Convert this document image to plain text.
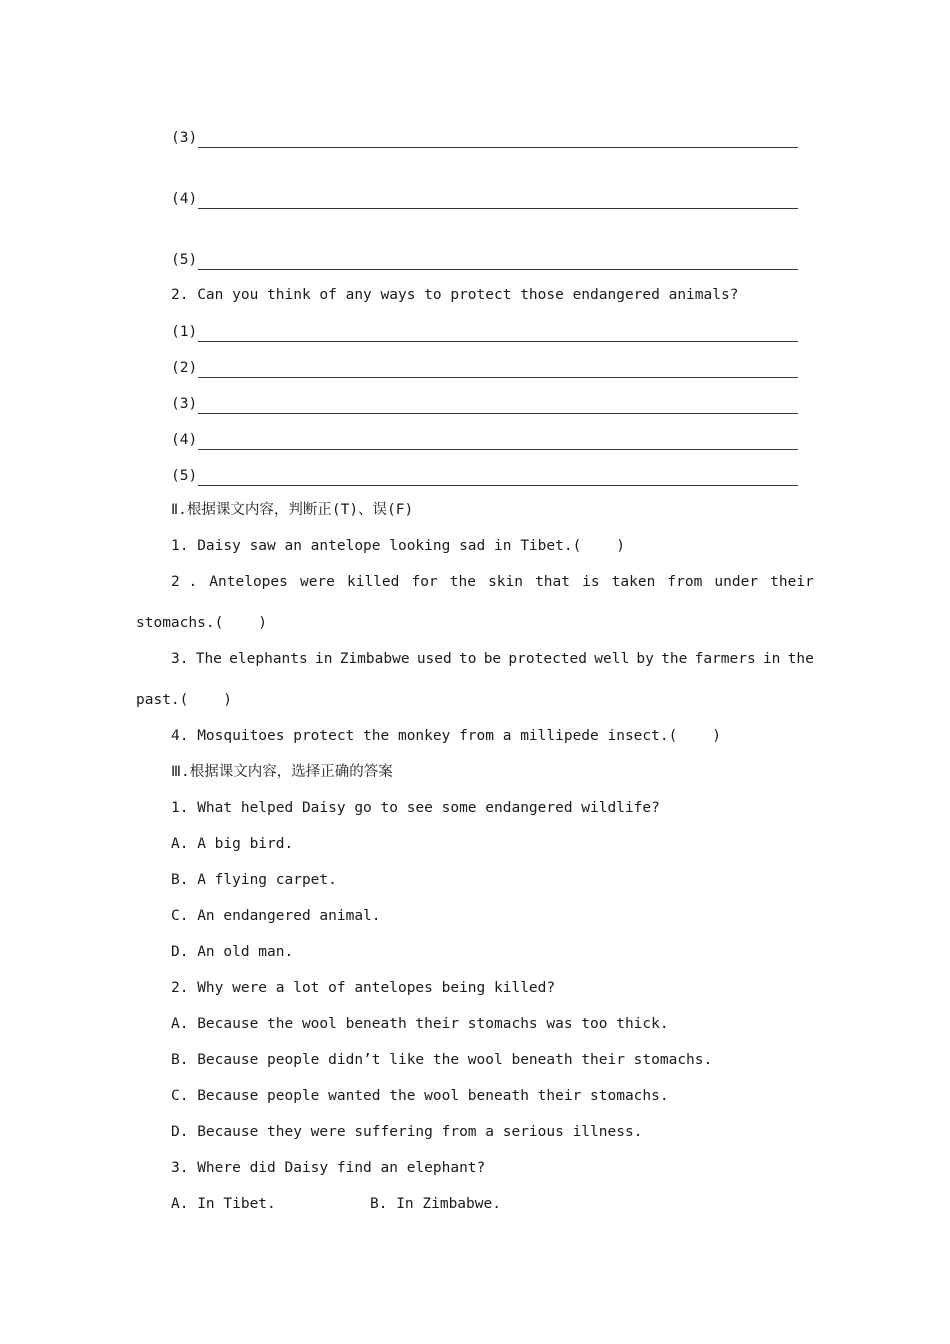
(3)
(4)
(5)
2. Can you think of any ways to protect those endangered animals?
(1)
(2)
(3)
(4)
(5)
Ⅱ.根据课文内容，判断正(T)、误(F)
1. Daisy saw an antelope looking sad in Tibet.(    )
2 . Antelopes were killed for the skin that is taken from under their
stomachs.(    )
3. The elephants in Zimbabwe used to be protected well by the farmers in the
past.(    )
4. Mosquitoes protect the monkey from a millipede insect.(    )
Ⅲ.根据课文内容，选择正确的答案
1. What helped Daisy go to see some endangered wildlife?
A. A big bird.
B. A flying carpet.
C. An endangered animal.
D. An old man.
2. Why were a lot of antelopes being killed?
A. Because the wool beneath their stomachs was too thick.
B. Because people didn’t like the wool beneath their stomachs.
C. Because people wanted the wool beneath their stomachs.
D. Because they were suffering from a serious illness.
3. Where did Daisy find an elephant?
A. In Tibet.	B. In Zimbabwe.
